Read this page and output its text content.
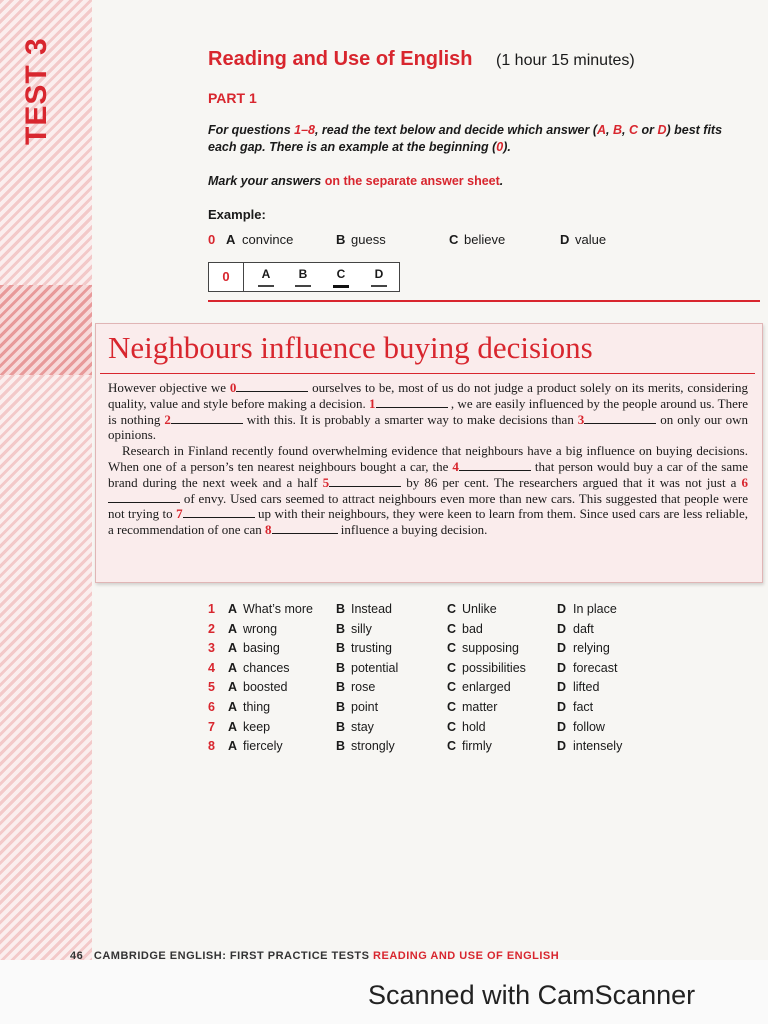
TEST 3	Reading and Use of English (1 hour 15 minutes)
PART 1
For questions 1–8, read the text below and decide which answer (A, B, C or D) best fits each gap. There is an example at the beginning (0).
Mark your answers on the separate answer sheet.
Example:
0 A convince	B guess	C believe	D value
0	A	B	C	D
Neighbours influence buying decisions

However objective we 0	ourselves to be, most of us do not judge a product solely on its merits, considering quality, value and style before making a decision. 1	, we are easily influenced by the people around us. There is nothing 2	with this. It is probably a smarter way to make decisions than 3	on only our own opinions.

Research in Finland recently found overwhelming evidence that neighbours have a big influence on buying decisions. When one of a person’s ten nearest neighbours bought a car, the 4	that person would buy a car of the same brand during the next week and a half 5	by 86 per cent. The researchers argued that it was not just a 6 of envy. Used cars seemed to attract neighbours even more than new cars. This suggested that people were not trying to 7	up with their neighbours, they were keen to learn from them. Since used cars are less reliable, a recommendation of one can 8	influence a buying decision.

1 A What’s more B Instead	C Unlike	D In place
2 A wrong	B silly	C bad	D daft
3 A basing	B trusting	C supposing	D relying
4 A chances	B potential	C possibilities D forecast
5 A boosted	B rose	C enlarged	D lifted
6 A thing	B point	C matter	D fact
7 A keep	B stay	C hold	D follow
8 A fiercely	B strongly	C firmly	D intensely
46 CAMBRIDGE ENGLISH: FIRST PRACTICE TESTS READING AND USE OF ENGLISH
Scanned with CamScanner
